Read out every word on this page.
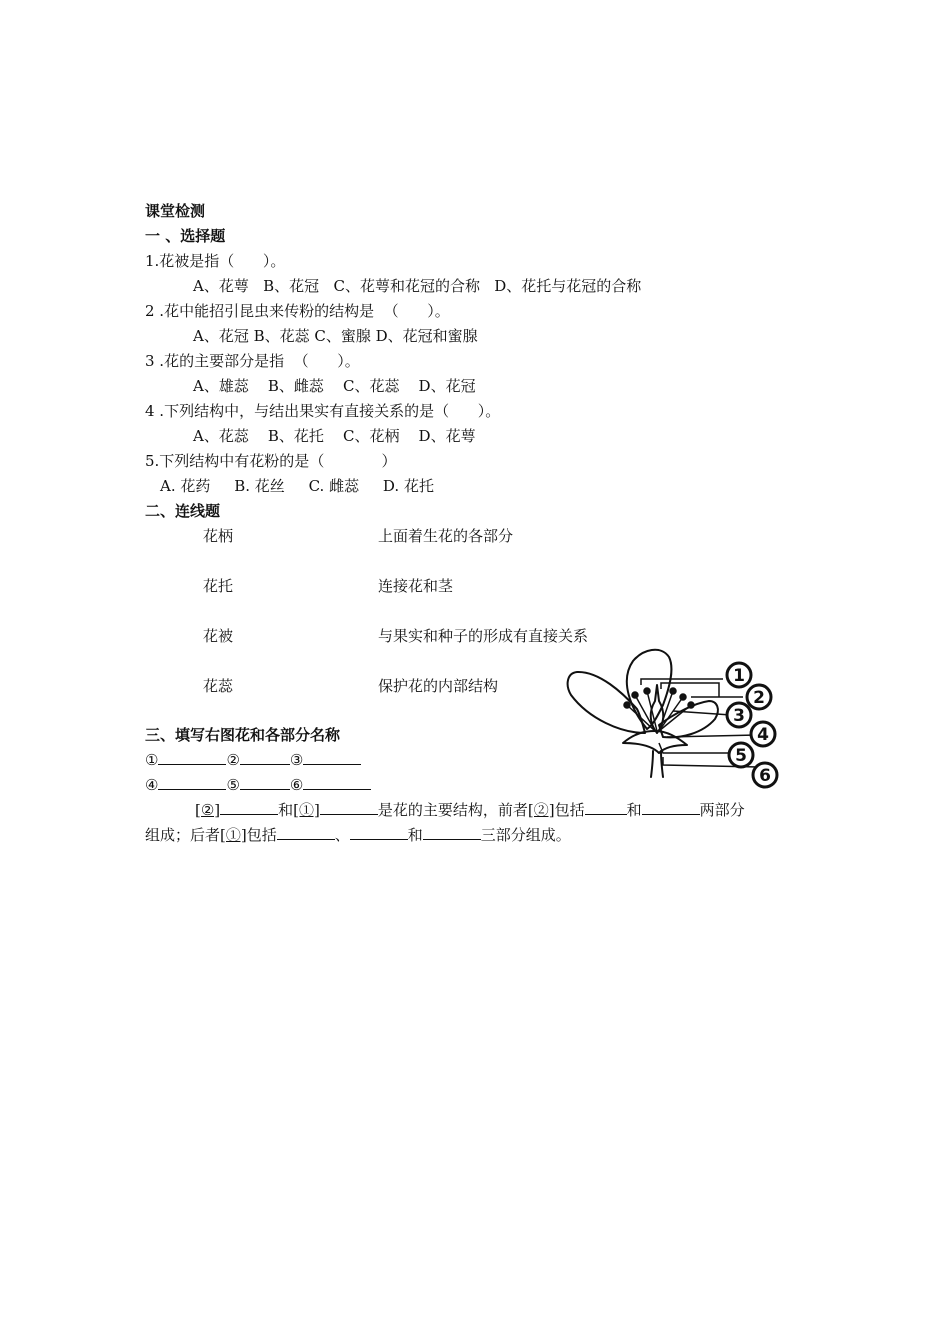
课堂检测
一 、选择题
1.花被是指（      ）。
A、花萼   B、花冠   C、花萼和花冠的合称   D、花托与花冠的合称
2 .花中能招引昆虫来传粉的结构是  （      ）。
A、花冠 B、花蕊 C、蜜腺 D、花冠和蜜腺
3 .花的主要部分是指  （      ）。
A、雄蕊    B、雌蕊    C、花蕊    D、花冠
4 .下列结构中，与结出果实有直接关系的是（      ）。
A、花蕊    B、花托    C、花柄    D、花萼
5.下列结构中有花粉的是（            ）
A. 花药     B. 花丝     C. 雌蕊     D. 花托
二、连线题
花柄	上面着生花的各部分
花托	连接花和茎
花被	与果实和种子的形成有直接关系
花蕊	保护花的内部结构
三、填写右图花和各部分名称
①	②	③
④	⑤	⑥
[②]	和[①]	是花的主要结构，前者[②]包括	和	两部分
组成；后者[①]包括	、	和	三部分组成。
1
2
3
4
5
6
